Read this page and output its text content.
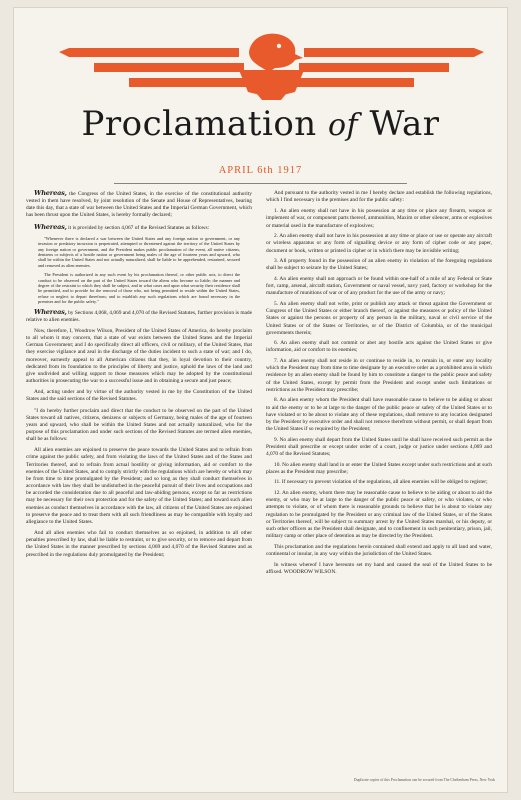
Proclamation of War
APRIL 6th 1917

Whereas, the Congress of the United States, in the exercise of the constitutional authority vested in them have resolved, by joint resolution of the Senate and House of Representatives, bearing date this day, that a state of war between the United States and the Imperial German Government, which has been thrust upon the United States, is hereby formally declared;

Whereas, it is provided by section 4,067 of the Revised Statutes as follows:

"Whenever there is declared a war between the United States and any foreign nation or government, or any invasion or predatory incursion is perpetrated, attempted or threatened against the territory of the United States by any foreign nation or government, and the President makes public proclamation of the event, all native citizens, denizens or subjects of a hostile nation or government being males of the age of fourteen years and upward, who shall be within the United States and not actually naturalized, shall be liable to be apprehended, restrained, secured and removed as alien enemies.

The President is authorized in any such event by his proclamation thereof, or other public acts, to direct the conduct to be observed on the part of the United States toward the aliens who become so liable; the manner and degree of the restraint to which they shall be subject, and in what cases and upon what security their residence shall be permitted, and to provide for the removal of those who, not being permitted to reside within the United States, refuse or neglect to depart therefrom; and to establish any such regulations which are found necessary in the premises and for the public safety."

Whereas, by Sections 4,068, 4,069 and 4,070 of the Revised Statutes, further provision is made relative to alien enemies.

Now, therefore, I, Woodrow Wilson, President of the United States of America, do hereby proclaim to all whom it may concern, that a state of war exists between the United States and the Imperial German Government; and I do specifically direct all officers, civil or military, of the United States, that they exercise vigilance and zeal in the discharge of the duties incident to such a state of war; and I do, moreover, earnestly appeal to all American citizens that they, in loyal devotion to their country, dedicated from its foundation to the principles of liberty and justice, uphold the laws of the land and give undivided and willing support to those measures which may be adopted by the constitutional authorities in prosecuting the war to a successful issue and in obtaining a secure and just peace;

And, acting under and by virtue of the authority vested in me by the Constitution of the United States and the said sections of the Revised Statutes.

"I do hereby further proclaim and direct that the conduct to be observed on the part of the United States toward all natives, citizens, denizens or subjects of Germany, being males of the age of fourteen years and upward, who shall be within the United States and not actually naturalized, who for the purpose of this proclamation and under such sections of the Revised Statutes are termed alien enemies, shall be as follows:

All alien enemies are enjoined to preserve the peace towards the United States and to refrain from crime against the public safety, and from violating the laws of the United States and of the States and Territories thereof, and to refrain from actual hostility or giving information, aid or comfort to the enemies of the United States, and to comply strictly with the regulations which are hereby or which may be from time to time promulgated by the President; and so long as they shall conduct themselves in accordance with law they shall be undisturbed in the peaceful pursuit of their lives and occupations and be accorded the consideration due to all peaceful and law-abiding persons, except so far as restrictions may be necessary for their own protection and for the safety of the United States; and toward such alien enemies as conduct themselves in accordance with the law, all citizens of the United States are enjoined to preserve the peace and to treat them with all such friendliness as may be compatible with loyalty and allegiance to the United States.

And all alien enemies who fail to conduct themselves as so enjoined, in addition to all other penalties prescribed by law, shall be liable to restraint, or to give security, or to remove and depart from the United States in the manner prescribed by sections 4,069 and 4,070 of the Revised Statutes and as prescribed in the regulations duly promulgated by the President;

And pursuant to the authority vested in me I hereby declare and establish the following regulations, which I find necessary in the premises and for the public safety:

1. An alien enemy shall not have in his possession at any time or place any firearm, weapon or implement of war, or component parts thereof, ammunition, Maxim or other silencer, arms or explosives or material used in the manufacture of explosives;

2. An alien enemy shall not have in his possession at any time or place or use or operate any aircraft or wireless apparatus or any form of signalling device or any form of cipher code or any paper, document or book, written or printed in cipher or in which there may be invisible writing;

3. All property found in the possession of an alien enemy in violation of the foregoing regulations shall be subject to seizure by the United States;

4. An alien enemy shall not approach or be found within one-half of a mile of any Federal or State fort, camp, arsenal, aircraft station, Government or naval vessel, navy yard, factory or workshop for the manufacture of munitions of war or of any product for the use of the army or navy;

5. An alien enemy shall not write, print or publish any attack or threat against the Government or Congress of the United States or either branch thereof, or against the measures or policy of the United States or against the persons or property of any person in the military, naval or civil service of the United States or of the States or Territories, or of the District of Columbia, or of the municipal governments therein;

6. An alien enemy shall not commit or abet any hostile acts against the United States or give information, aid or comfort to its enemies;

7. An alien enemy shall not reside in or continue to reside in, to remain in, or enter any locality which the President may from time to time designate by an executive order as a prohibited area in which residence by an alien enemy shall be found by him to constitute a danger to the public peace and safety of the United States, except by permit from the President and except under such limitations or restrictions as the President may prescribe;

8. An alien enemy whom the President shall have reasonable cause to believe to be aiding or about to aid the enemy or to be at large to the danger of the public peace or safety of the United States or to have violated or to be about to violate any of these regulations, shall remove to any location designated by the President by executive order and shall not remove therefrom without permit, or shall depart from the United States if so required by the President;

9. No alien enemy shall depart from the United States until he shall have received such permit as the President shall prescribe or except under order of a court, judge or justice under sections 4,069 and 4,070 of the Revised Statutes;

10. No alien enemy shall land in or enter the United States except under such restrictions and at such places as the President may prescribe;

11. If necessary to prevent violation of the regulations, all alien enemies will be obliged to register;

12. An alien enemy, whom there may be reasonable cause to believe to be aiding or about to aid the enemy, or who may be at large to the danger of the public peace or safety, or who violates, or who attempts to violate, or of whom there is reasonable grounds to believe that he is about to violate any regulation to be promulgated by the President or any criminal law of the United States, or of the States or Territories thereof, will be subject to summary arrest by the United States marshal, or his deputy, or such other officers as the President shall designate, and to confinement in such penitentiary, prison, jail, military camp or other place of detention as may be directed by the President.

This proclamation and the regulations herein contained shall extend and apply to all land and water, continental or insular, in any way within the jurisdiction of the United States.

In witness whereof I have hereunto set my hand and caused the seal of the United States to be affixed. WOODROW WILSON.

Duplicate copies of this Proclamation can be secured from The Cheltenham Press, New York
